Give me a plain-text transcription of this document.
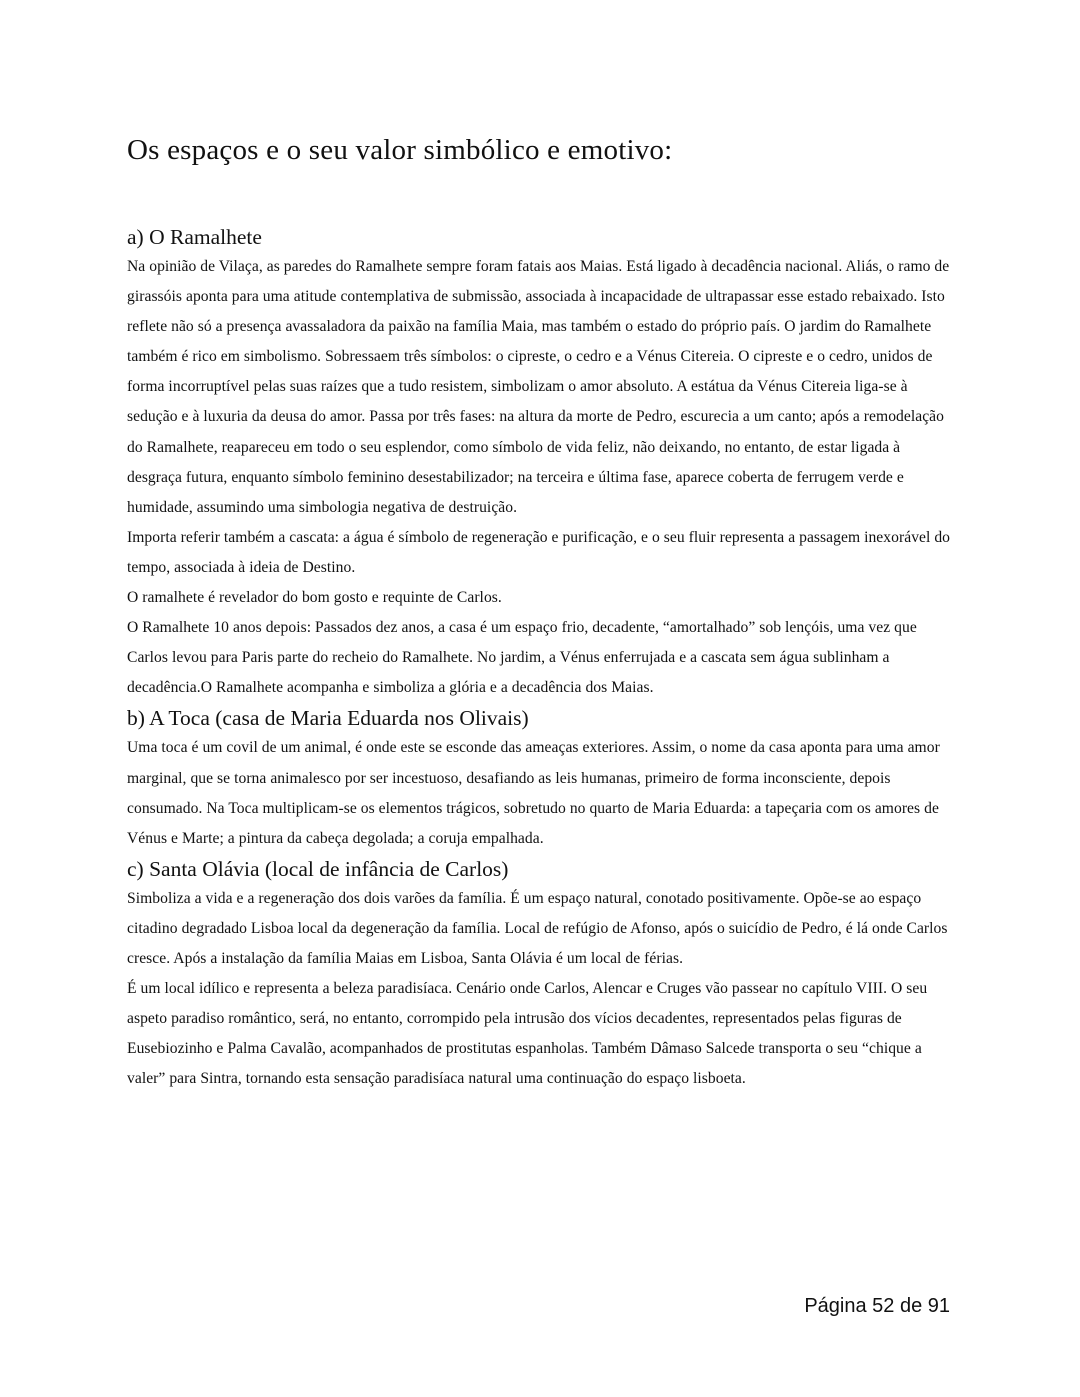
Os espaços e o seu valor simbólico e emotivo:
a) O Ramalhete

Na opinião de Vilaça, as paredes do Ramalhete sempre foram fatais aos Maias. Está ligado à decadência nacional. Aliás, o ramo de girassóis aponta para uma atitude contemplativa de submissão, associada à incapacidade de ultrapassar esse estado rebaixado. Isto reflete não só a presença avassaladora da paixão na família Maia, mas também o estado do próprio país. O jardim do Ramalhete também é rico em simbolismo. Sobressaem três símbolos: o cipreste, o cedro e a Vénus Citereia. O cipreste e o cedro, unidos de forma incorruptível pelas suas raízes que a tudo resistem, simbolizam o amor absoluto. A estátua da Vénus Citereia liga-se à sedução e à luxuria da deusa do amor. Passa por três fases: na altura da morte de Pedro, escurecia a um canto; após a remodelação do Ramalhete, reapareceu em todo o seu esplendor, como símbolo de vida feliz, não deixando, no entanto, de estar ligada à desgraça futura, enquanto símbolo feminino desestabilizador; na terceira e última fase, aparece coberta de ferrugem verde e humidade, assumindo uma simbologia negativa de destruição.

Importa referir também a cascata: a água é símbolo de regeneração e purificação, e o seu fluir representa a passagem inexorável do tempo, associada à ideia de Destino.

O ramalhete é revelador do bom gosto e requinte de Carlos.

O Ramalhete 10 anos depois: Passados dez anos, a casa é um espaço frio, decadente, “amortalhado” sob lençóis, uma vez que Carlos levou para Paris parte do recheio do Ramalhete. No jardim, a Vénus enferrujada e a cascata sem água sublinham a decadência.O Ramalhete acompanha e simboliza a glória e a decadência dos Maias.

b) A Toca (casa de Maria Eduarda nos Olivais)

Uma toca é um covil de um animal, é onde este se esconde das ameaças exteriores. Assim, o nome da casa aponta para uma amor marginal, que se torna animalesco por ser incestuoso, desafiando as leis humanas, primeiro de forma inconsciente, depois consumado. Na Toca multiplicam-se os elementos trágicos, sobretudo no quarto de Maria Eduarda: a tapeçaria com os amores de Vénus e Marte; a pintura da cabeça degolada; a coruja empalhada.

c) Santa Olávia (local de infância de Carlos)

Simboliza a vida e a regeneração dos dois varões da família. É um espaço natural, conotado positivamente. Opõe-se ao espaço citadino degradado Lisboa local da degeneração da família. Local de refúgio de Afonso, após o suicídio de Pedro, é lá onde Carlos cresce. Após a instalação da família Maias em Lisboa, Santa Olávia é um local de férias.

É um local idílico e representa a beleza paradisíaca. Cenário onde Carlos, Alencar e Cruges vão passear no capítulo VIII. O seu aspeto paradiso romântico, será, no entanto, corrompido pela intrusão dos vícios decadentes, representados pelas figuras de Eusebiozinho e Palma Cavalão, acompanhados de prostitutas espanholas. Também Dâmaso Salcede transporta o seu “chique a valer” para Sintra, tornando esta sensação paradisíaca natural uma continuação do espaço lisboeta.

Página 52 de 91
